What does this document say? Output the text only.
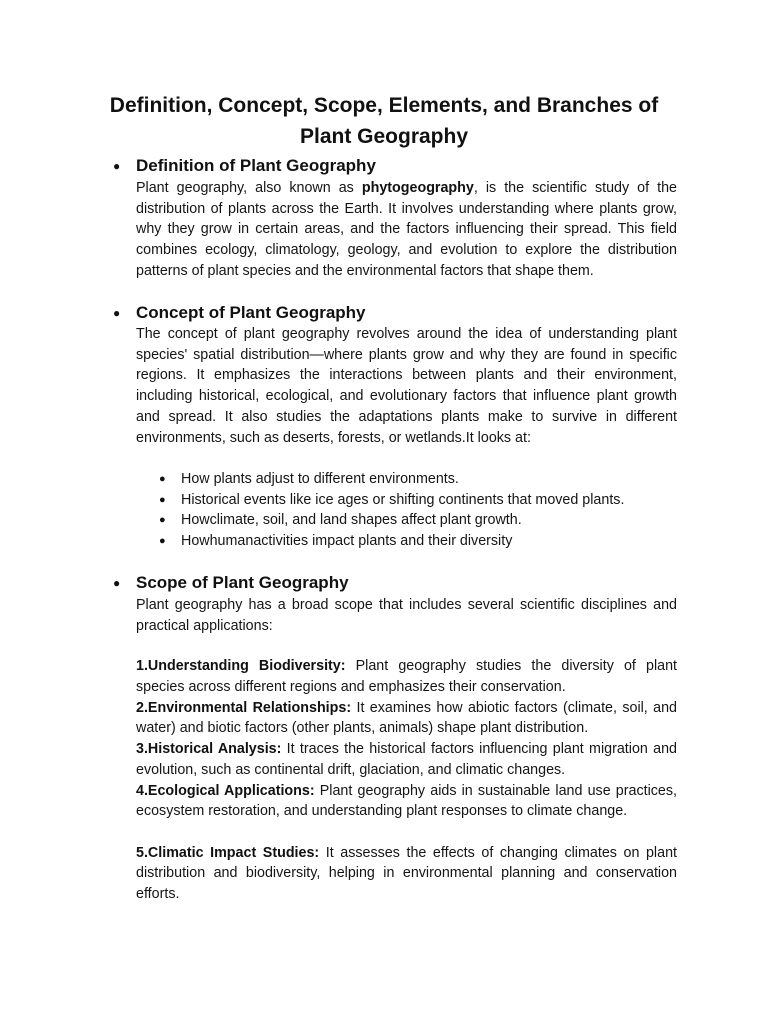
Definition, Concept, Scope, Elements, and Branches of Plant Geography
● Definition of Plant Geography

Plant geography, also known as phytogeography, is the scientific study of the distribution of plants across the Earth. It involves understanding where plants grow, why they grow in certain areas, and the factors influencing their spread. This field combines ecology, climatology, geology, and evolution to explore the distribution patterns of plant species and the environmental factors that shape them.

● Concept of Plant Geography

The concept of plant geography revolves around the idea of understanding plant species' spatial distribution—where plants grow and why they are found in specific regions. It emphasizes the interactions between plants and their environment, including historical, ecological, and evolutionary factors that influence plant growth and spread. It also studies the adaptations plants make to survive in different environments, such as deserts, forests, or wetlands.It looks at:

● How plants adjust to different environments.
● Historical events like ice ages or shifting continents that moved plants.
● Howclimate, soil, and land shapes affect plant growth.
● Howhumanactivities impact plants and their diversity
● Scope of Plant Geography

Plant geography has a broad scope that includes several scientific disciplines and practical applications:

1.Understanding Biodiversity: Plant geography studies the diversity of plant species across different regions and emphasizes their conservation.

2.Environmental Relationships: It examines how abiotic factors (climate, soil, and water) and biotic factors (other plants, animals) shape plant distribution.

3.Historical Analysis: It traces the historical factors influencing plant migration and evolution, such as continental drift, glaciation, and climatic changes.

4.Ecological Applications: Plant geography aids in sustainable land use practices, ecosystem restoration, and understanding plant responses to climate change.

5.Climatic Impact Studies: It assesses the effects of changing climates on plant distribution and biodiversity, helping in environmental planning and conservation efforts.
